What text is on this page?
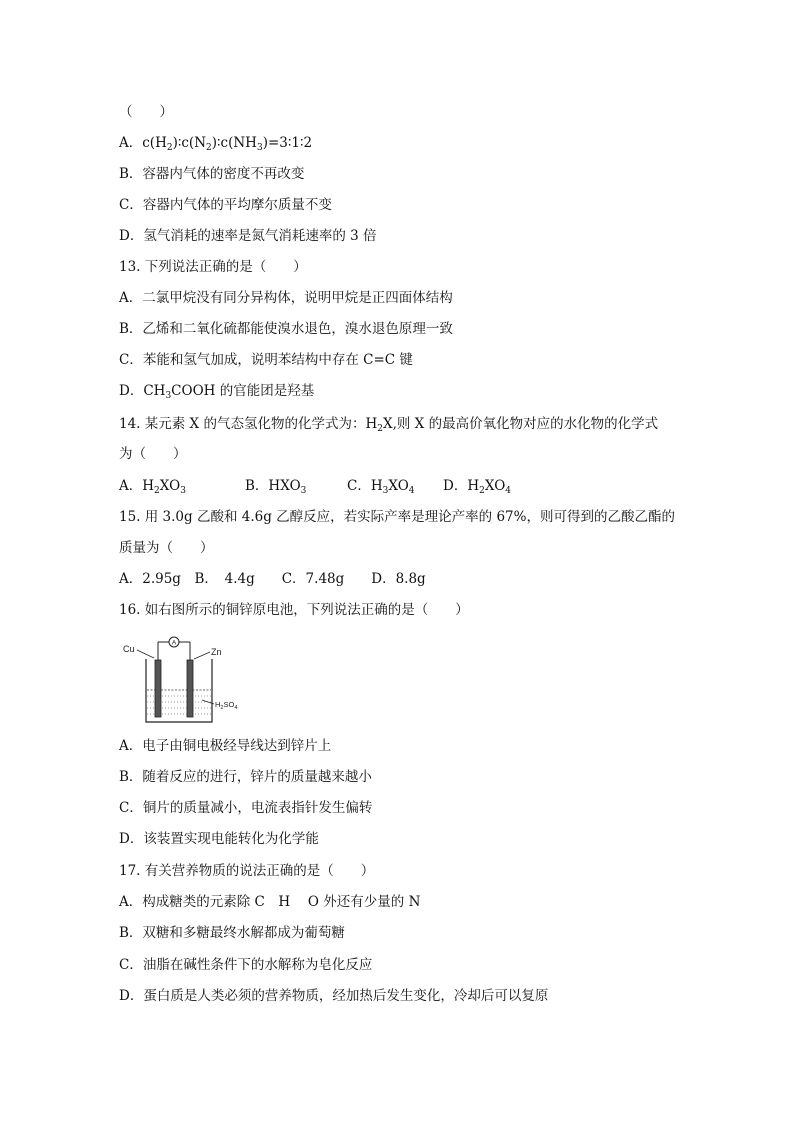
（　　）
A．$c(H_2)∶c(N_2)∶c(NH_3)=3∶1∶2$
B．容器内气体的密度不再改变
C．容器内气体的平均摩尔质量不变
D．氢气消耗的速率是氮气消耗速率的 3 倍
13. 下列说法正确的是（　　）
A．二氯甲烷没有同分异构体，说明甲烷是正四面体结构
B．乙烯和二氧化硫都能使溴水退色，溴水退色原理一致
C．苯能和氢气加成，说明苯结构中存在 C=C 键
D．$CH_3COOH$ 的官能团是羟基
14. 某元素 X 的气态氢化物的化学式为：$H_2X$,则 X 的最高价氧化物对应的水化物的化学式
为（　　）
A．$H_2XO_3$	B．$HXO_3$	C．$H_3XO_4$ D．$H_2XO_4$
15. 用 3.0g 乙酸和 4.6g 乙醇反应，若实际产率是理论产率的 67%，则可得到的乙酸乙酯的
质量为（　　）
A．2.95g　B．　4.4g　　C．7.48g　　D．8.8g
16. 如右图所示的铜锌原电池，下列说法正确的是（　　）
A
Cu	Zn
$H_2SO_4$
A．电子由铜电极经导线达到锌片上
B．随着反应的进行，锌片的质量越来越小
C．铜片的质量减小，电流表指针发生偏转
D．该装置实现电能转化为化学能
17. 有关营养物质的说法正确的是（　　）
A．构成糖类的元素除 C　H　 O 外还有少量的 N
B．双糖和多糖最终水解都成为葡萄糖
C．油脂在碱性条件下的水解称为皂化反应
D．蛋白质是人类必须的营养物质，经加热后发生变化，冷却后可以复原
